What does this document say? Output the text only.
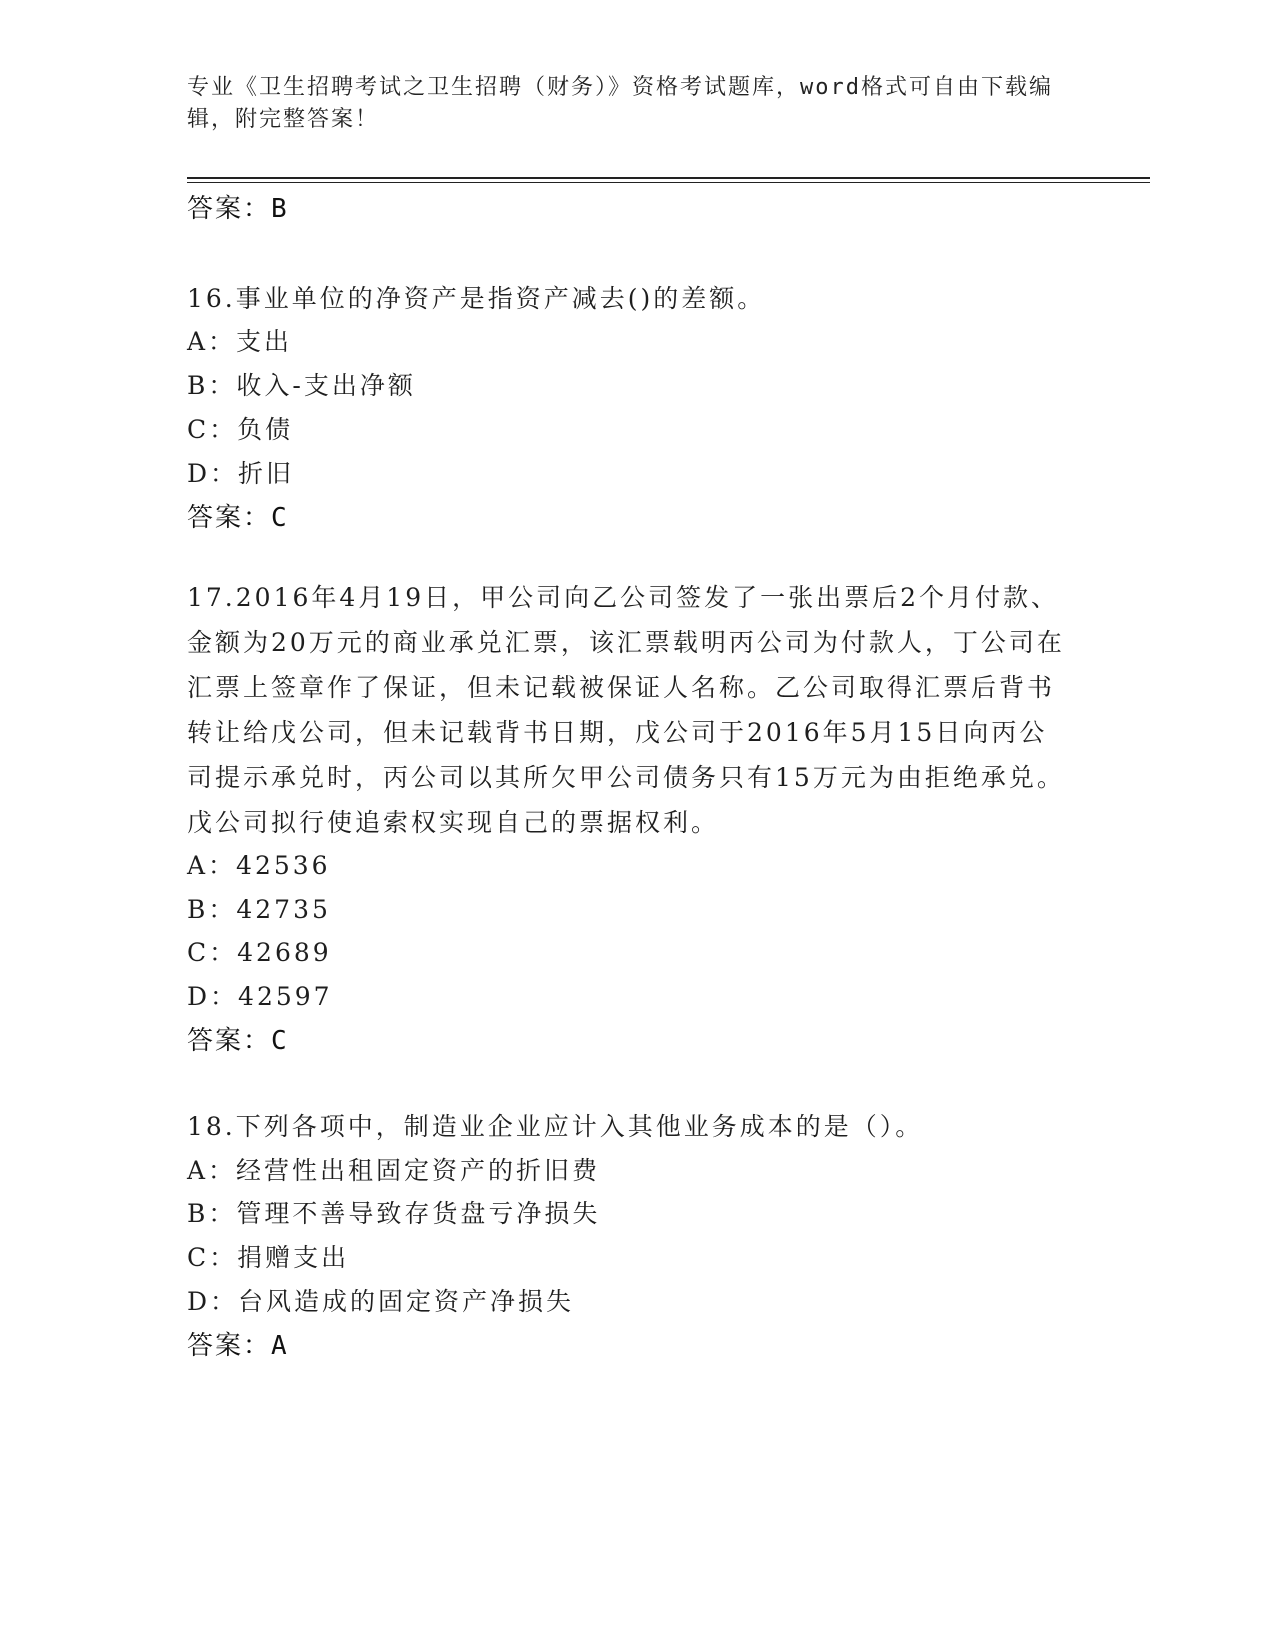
专业《卫生招聘考试之卫生招聘（财务）》资格考试题库，word格式可自由下载编辑，附完整答案！
答案：B
16.事业单位的净资产是指资产减去()的差额。
A：支出
B：收入-支出净额
C：负债
D：折旧
答案：C
17.2016年4月19日，甲公司向乙公司签发了一张出票后2个月付款、金额为20万元的商业承兑汇票，该汇票载明丙公司为付款人，丁公司在汇票上签章作了保证，但未记载被保证人名称。乙公司取得汇票后背书转让给戊公司，但未记载背书日期，戊公司于2016年5月15日向丙公司提示承兑时，丙公司以其所欠甲公司债务只有15万元为由拒绝承兑。戊公司拟行使追索权实现自己的票据权利。
A：42536
B：42735
C：42689
D：42597
答案：C
18.下列各项中，制造业企业应计入其他业务成本的是（）。
A：经营性出租固定资产的折旧费
B：管理不善导致存货盘亏净损失
C：捐赠支出
D：台风造成的固定资产净损失
答案：A
